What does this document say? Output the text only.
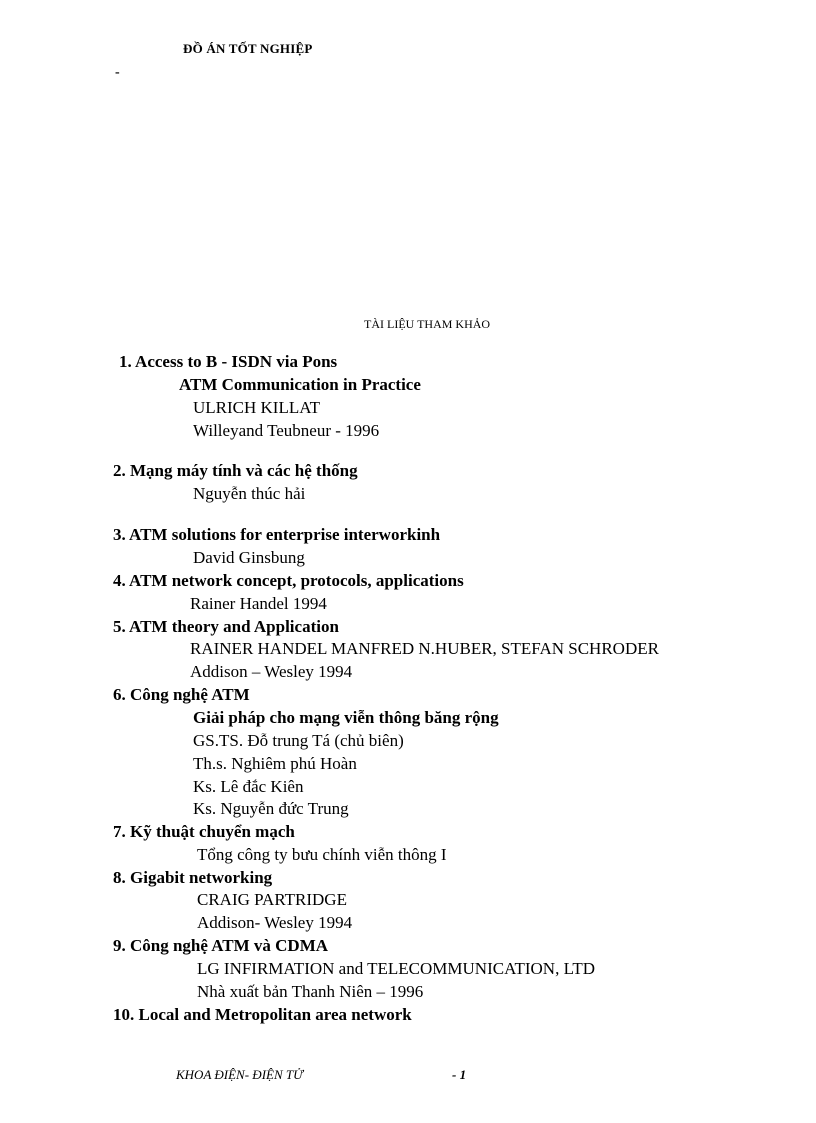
ĐỒ ÁN TỐT NGHIỆP
-
TÀI LIỆU THAM KHẢO
1. Access to B - ISDN via Pons
ATM Communication in Practice
ULRICH KILLAT
Willeyand Teubneur - 1996
2. Mạng máy tính và các hệ thống
Nguyễn thúc hải
3. ATM solutions for enterprise interworkinh
David Ginsbung
4. ATM network concept, protocols, applications
Rainer Handel 1994
5. ATM theory and Application
RAINER HANDEL MANFRED N.HUBER, STEFAN SCHRODER
Addison – Wesley 1994
6. Công nghệ ATM
Giải pháp cho mạng viễn thông băng rộng
GS.TS. Đỗ trung Tá (chủ biên)
Th.s. Nghiêm phú Hoàn
Ks. Lê đắc Kiên
Ks. Nguyễn đức Trung
7. Kỹ thuật chuyển mạch
Tổng công ty bưu chính viễn thông I
8. Gigabit networking
CRAIG PARTRIDGE
Addison- Wesley 1994
9. Công nghệ ATM và CDMA
LG INFIRMATION and TELECOMMUNICATION, LTD
Nhà xuất bản Thanh Niên – 1996
10. Local and Metropolitan area network
KHOA ĐIỆN- ĐIỆN TỬ	- 1
